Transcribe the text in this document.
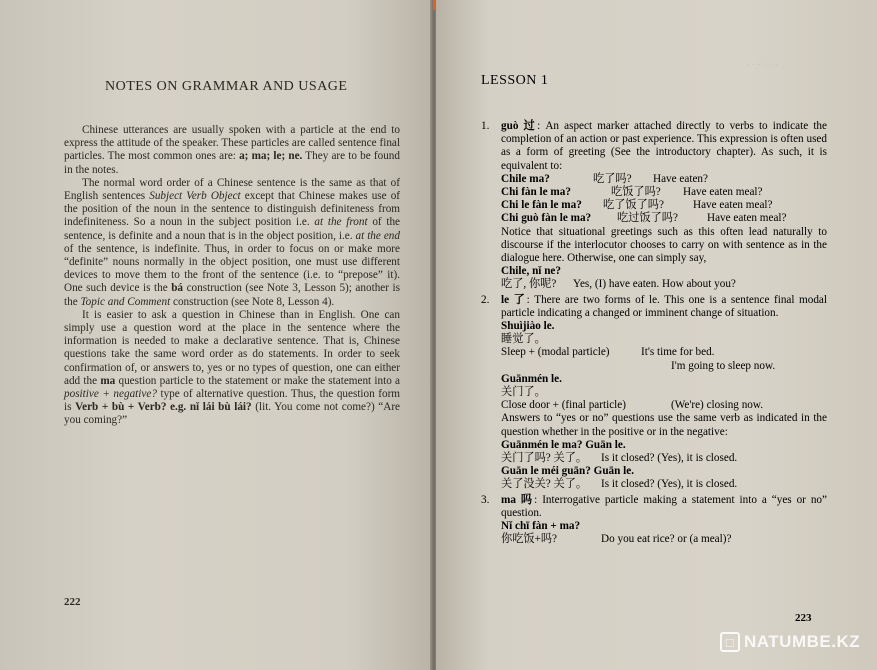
NOTES ON GRAMMAR AND USAGE

Chinese utterances are usually spoken with a particle at the end to express the attitude of the speaker. These particles are called sentence final particles. The most common ones are: a; ma; le; ne. They are to be found in the notes.

The normal word order of a Chinese sentence is the same as that of English sentences Subject Verb Object except that Chinese makes use of the position of the noun in the sentence to distinguish definiteness from indefiniteness. So a noun in the subject position i.e. at the front of the sentence, is definite and a noun that is in the object position, i.e. at the end of the sentence, is indefinite. Thus, in order to focus on or make more “definite” nouns normally in the object position, one must use different devices to move them to the front of the sentence (i.e. to “prepose” it). One such device is the bá construction (see Note 3, Lesson 5); another is the Topic and Comment construction (see Note 8, Lesson 4).

It is easier to ask a question in Chinese than in English. One can simply use a question word at the place in the sentence where the information is needed to make a declarative sentence. That is, Chinese questions take the same word order as do statements. In order to seek confirmation of, or answers to, yes or no types of question, one can either add the ma question particle to the statement or make the statement into a positive + negative? type of alternative question. Thus, the question form is Verb + bù + Verb? e.g. nǐ lái bù lái? (lit. You come not come?) “Are you coming?”

222
· · · · · ·
LESSON 1
1.	guò 过: An aspect marker attached directly to verbs to indicate the completion of an action or past experience. This expression is often used as a form of greeting (See the introductory chapter). As such, it is equivalent to:

Chile ma?	吃了吗?	Have eaten?
Chi fàn le ma?	吃饭了吗?	Have eaten meal?
Chi le fàn le ma?	吃了饭了吗?	Have eaten meal?
Chi guò fàn le ma?	吃过饭了吗?	Have eaten meal?

Notice that situational greetings such as this often lead naturally to discourse if the interlocutor chooses to carry on with sentence as in the dialogue here. Otherwise, one can simply say,

Chile, nǐ ne?
吃了, 你呢?	Yes, (I) have eaten. How about you?
2.	le 了: There are two forms of le. This one is a sentence final modal particle indicating a changed or imminent change of situation.

Shuìjiào le.
睡觉了。
Sleep + (modal particle)	It's time for bed.
I'm going to sleep now.
Guānmén le.
关门了。
Close door + (final particle)	(We're) closing now.

Answers to “yes or no” questions use the same verb as indicated in the question whether in the positive or in the negative:

Guānmén le ma? Guān le.
关门了吗? 关了。	Is it closed? (Yes), it is closed.
Guān le méi guān? Guān le.
关了没关? 关了。	Is it closed? (Yes), it is closed.
3.	ma 吗: Interrogative particle making a statement into a “yes or no” question.

Nǐ chī fàn + ma?
你吃饭+吗?	Do you eat rice? or (a meal)?
223
□ NATUMBE.KZ
